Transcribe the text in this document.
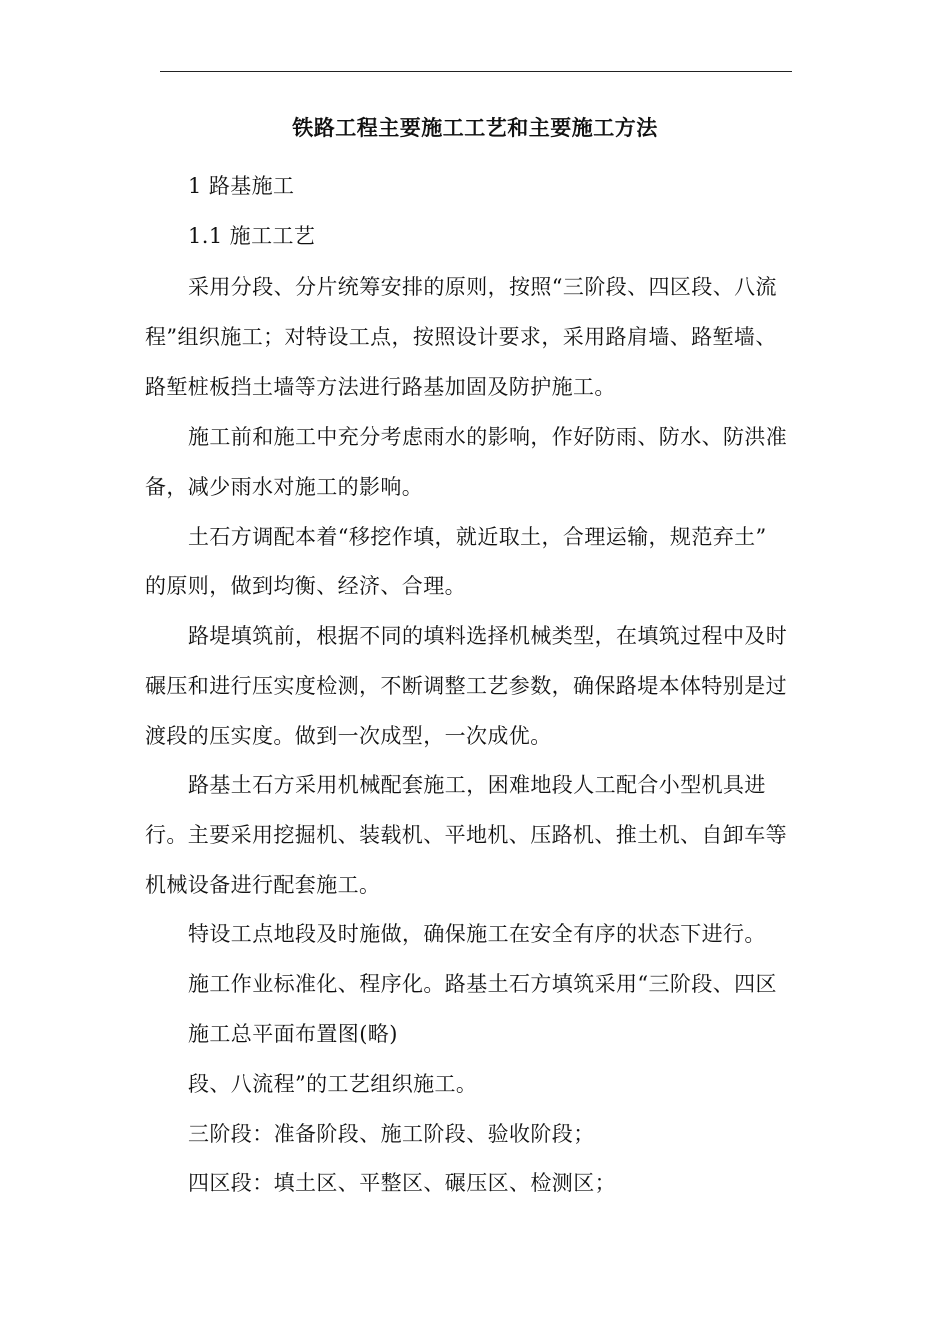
铁路工程主要施工工艺和主要施工方法
1 路基施工
1.1 施工工艺
采用分段、分片统筹安排的原则，按照“三阶段、四区段、八流
程”组织施工；对特设工点，按照设计要求，采用路肩墙、路堑墙、
路堑桩板挡土墙等方法进行路基加固及防护施工。
施工前和施工中充分考虑雨水的影响，作好防雨、防水、防洪准
备，减少雨水对施工的影响。
土石方调配本着“移挖作填，就近取土，合理运输，规范弃土”
的原则，做到均衡、经济、合理。
路堤填筑前，根据不同的填料选择机械类型，在填筑过程中及时
碾压和进行压实度检测，不断调整工艺参数，确保路堤本体特别是过
渡段的压实度。做到一次成型，一次成优。
路基土石方采用机械配套施工，困难地段人工配合小型机具进
行。主要采用挖掘机、装载机、平地机、压路机、推土机、自卸车等
机械设备进行配套施工。
特设工点地段及时施做，确保施工在安全有序的状态下进行。
施工作业标准化、程序化。路基土石方填筑采用“三阶段、四区
施工总平面布置图(略)
段、八流程”的工艺组织施工。
三阶段：准备阶段、施工阶段、验收阶段；
四区段：填土区、平整区、碾压区、检测区；
